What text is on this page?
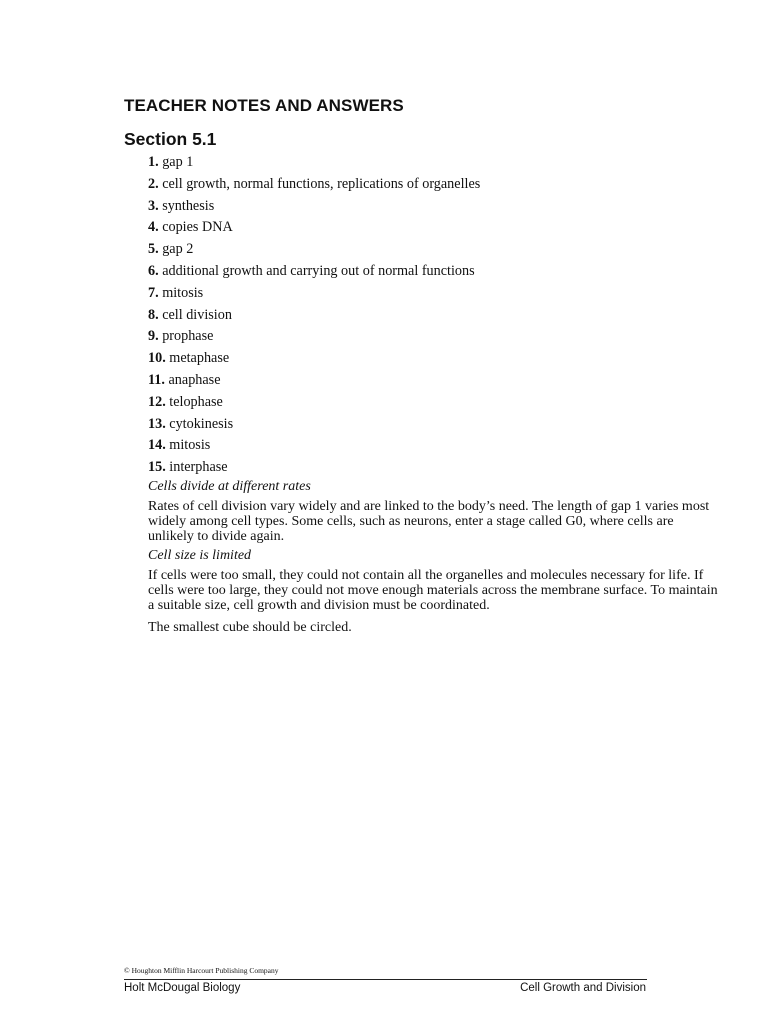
TEACHER NOTES AND ANSWERS
Section 5.1
1. gap 1
2. cell growth, normal functions, replications of organelles
3. synthesis
4. copies DNA
5. gap 2
6. additional growth and carrying out of normal functions
7. mitosis
8. cell division
9. prophase
10. metaphase
11. anaphase
12. telophase
13. cytokinesis
14. mitosis
15. interphase
Cells divide at different rates
Rates of cell division vary widely and are linked to the body’s need. The length of gap 1 varies most widely among cell types. Some cells, such as neurons, enter a stage called G0, where cells are unlikely to divide again.
Cell size is limited
If cells were too small, they could not contain all the organelles and molecules necessary for life. If cells were too large, they could not move enough materials across the membrane surface. To maintain a suitable size, cell growth and division must be coordinated.
The smallest cube should be circled.
© Houghton Mifflin Harcourt Publishing Company
Holt McDougal Biology	Cell Growth and Division
